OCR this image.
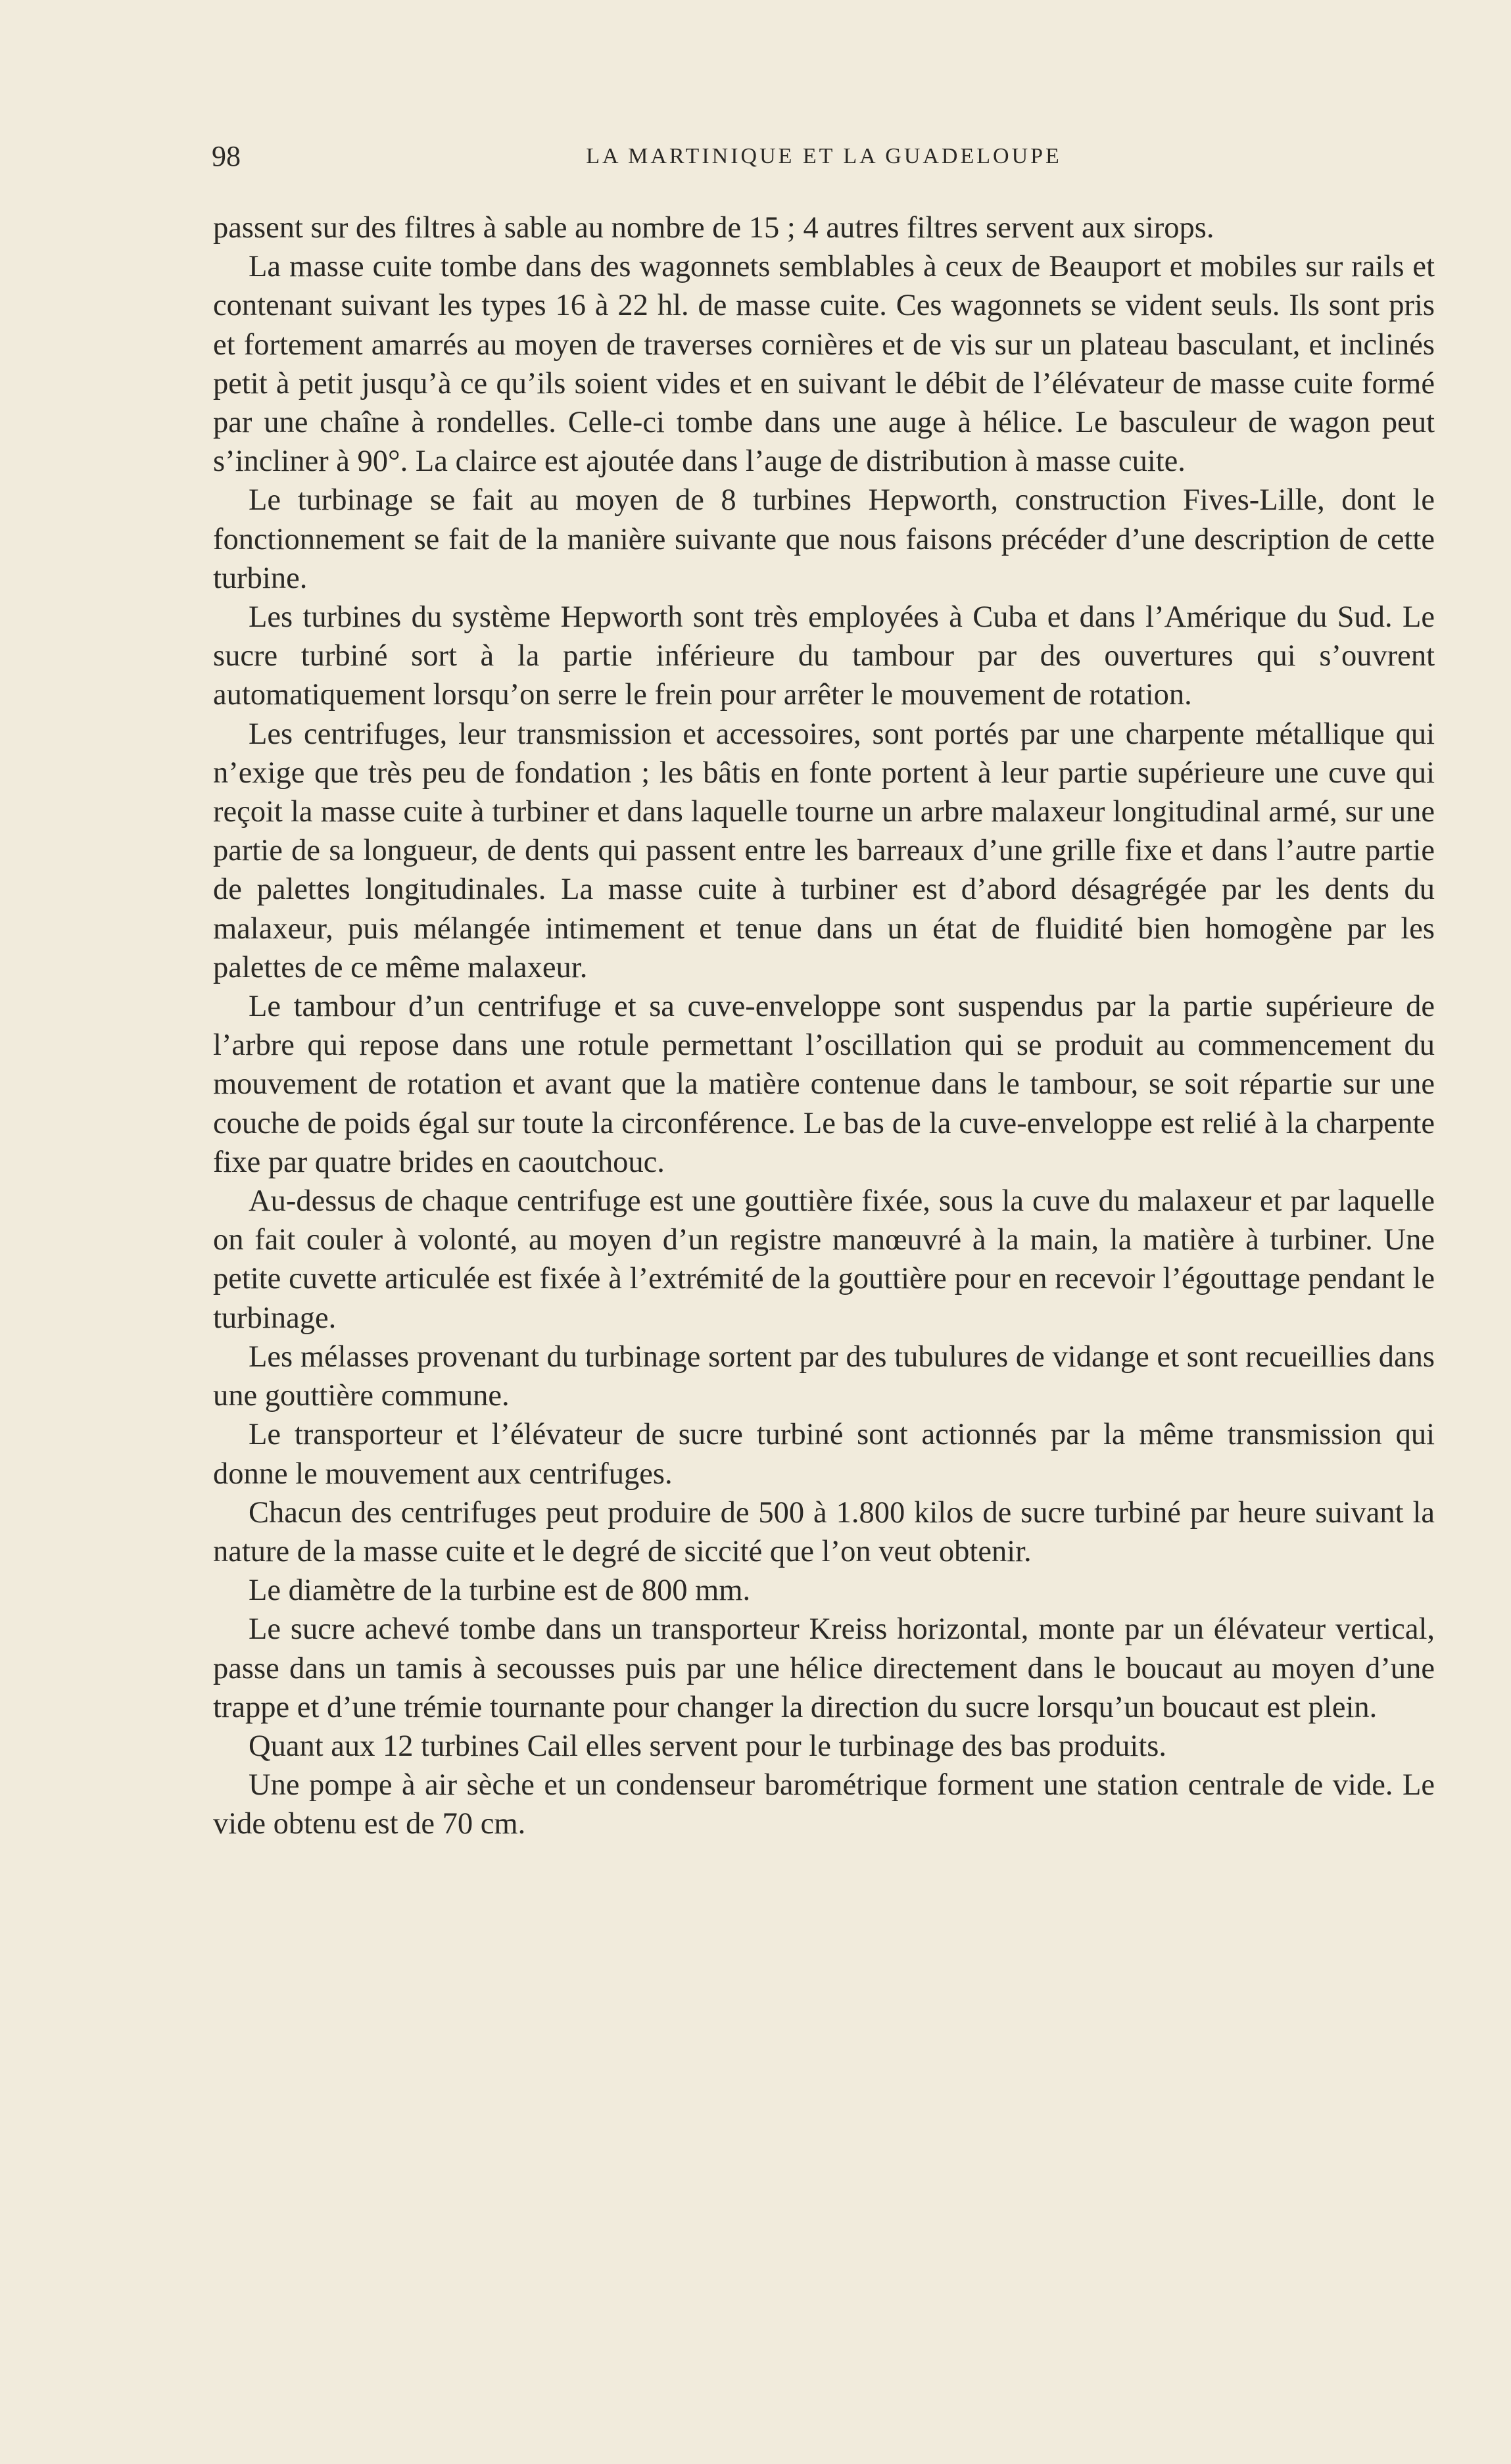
98	LA MARTINIQUE ET LA GUADELOUPE

passent sur des filtres à sable au nombre de 15 ; 4 autres filtres servent aux sirops.

La masse cuite tombe dans des wagonnets semblables à ceux de Beauport et mobiles sur rails et contenant suivant les types 16 à 22 hl. de masse cuite. Ces wagonnets se vident seuls. Ils sont pris et fortement amarrés au moyen de traverses cornières et de vis sur un plateau basculant, et inclinés petit à petit jusqu’à ce qu’ils soient vides et en suivant le débit de l’élévateur de masse cuite formé par une chaîne à rondelles. Celle-ci tombe dans une auge à hélice. Le basculeur de wagon peut s’incliner à 90°. La clairce est ajoutée dans l’auge de distribution à masse cuite.

Le turbinage se fait au moyen de 8 turbines Hepworth, construction Fives-Lille, dont le fonctionnement se fait de la manière suivante que nous faisons précéder d’une description de cette turbine.

Les turbines du système Hepworth sont très employées à Cuba et dans l’Amérique du Sud. Le sucre turbiné sort à la partie inférieure du tambour par des ouvertures qui s’ouvrent automatiquement lorsqu’on serre le frein pour arrêter le mouvement de rotation.

Les centrifuges, leur transmission et accessoires, sont portés par une charpente métallique qui n’exige que très peu de fondation ; les bâtis en fonte portent à leur partie supérieure une cuve qui reçoit la masse cuite à turbiner et dans laquelle tourne un arbre malaxeur longitudinal armé, sur une partie de sa longueur, de dents qui passent entre les barreaux d’une grille fixe et dans l’autre partie de palettes longitudinales. La masse cuite à turbiner est d’abord désagrégée par les dents du malaxeur, puis mélangée intimement et tenue dans un état de fluidité bien homogène par les palettes de ce même malaxeur.

Le tambour d’un centrifuge et sa cuve-enveloppe sont suspendus par la partie supérieure de l’arbre qui repose dans une rotule permettant l’oscillation qui se produit au commencement du mouvement de rotation et avant que la matière contenue dans le tambour, se soit répartie sur une couche de poids égal sur toute la circonférence. Le bas de la cuve-enveloppe est relié à la charpente fixe par quatre brides en caoutchouc.

Au-dessus de chaque centrifuge est une gouttière fixée, sous la cuve du malaxeur et par laquelle on fait couler à volonté, au moyen d’un registre manœuvré à la main, la matière à turbiner. Une petite cuvette articulée est fixée à l’extrémité de la gouttière pour en recevoir l’égouttage pendant le turbinage.

Les mélasses provenant du turbinage sortent par des tubulures de vidange et sont recueillies dans une gouttière commune.

Le transporteur et l’élévateur de sucre turbiné sont actionnés par la même transmission qui donne le mouvement aux centrifuges.

Chacun des centrifuges peut produire de 500 à 1.800 kilos de sucre turbiné par heure suivant la nature de la masse cuite et le degré de siccité que l’on veut obtenir.

Le diamètre de la turbine est de 800 mm.

Le sucre achevé tombe dans un transporteur Kreiss horizontal, monte par un élévateur vertical, passe dans un tamis à secousses puis par une hélice directement dans le boucaut au moyen d’une trappe et d’une trémie tournante pour changer la direction du sucre lorsqu’un boucaut est plein.

Quant aux 12 turbines Cail elles servent pour le turbinage des bas produits.

Une pompe à air sèche et un condenseur barométrique forment une station centrale de vide. Le vide obtenu est de 70 cm.
